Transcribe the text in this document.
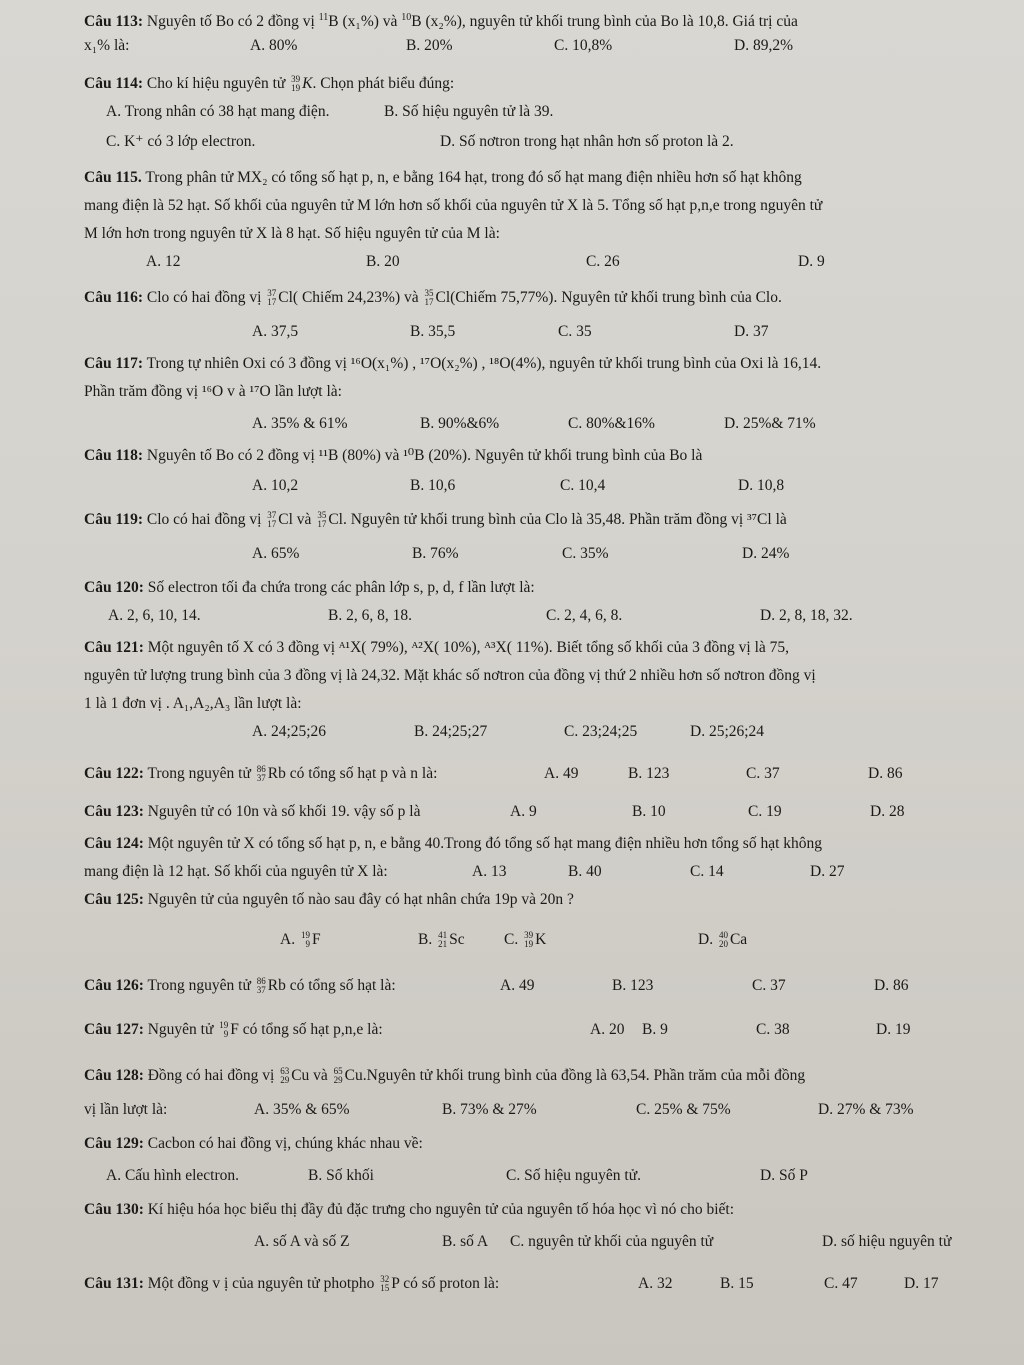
Câu 113: Nguyên tố Bo có 2 đồng vị $^{11}$B (x₁%) và $^{10}$B (x₂%), nguyên tử khối trung bình của Bo là 10,8. Giá trị của
x₁% là:	A. 80%	B. 20%	C. 10,8%	D. 89,2%
Câu 114: Cho kí hiệu nguyên tử 39
19 K. Chọn phát biểu đúng:
A. Trong nhân có 38 hạt mang điện.	B. Số hiệu nguyên tử là 39.
C. K⁺ có 3 lớp electron.	D. Số nơtron trong hạt nhân hơn số proton là 2.
Câu 115. Trong phân tử MX₂ có tổng số hạt p, n, e bằng 164 hạt, trong đó số hạt mang điện nhiều hơn số hạt không
mang điện là 52 hạt. Số khối của nguyên tử M lớn hơn số khối của nguyên tử X là 5. Tổng số hạt p,n,e trong nguyên tử
M lớn hơn trong nguyên tử X là 8 hạt. Số hiệu nguyên tử của M là:
A. 12	B. 20	C. 26	D. 9
Câu 116: Clo có hai đồng vị 37
17 Cl( Chiếm 24,23%) và 35
17 Cl(Chiếm 75,77%). Nguyên tử khối trung bình của Clo.
A. 37,5	B. 35,5	C. 35	D. 37
Câu 117: Trong tự nhiên Oxi có 3 đồng vị ¹⁶O(x₁%) , ¹⁷O(x₂%) , ¹⁸O(4%), nguyên tử khối trung bình của Oxi là 16,14.
Phần trăm đồng vị ¹⁶O v à ¹⁷O lần lượt là:
A. 35% & 61%	B. 90%&6%	C. 80%&16%	D. 25%& 71%
Câu 118: Nguyên tố Bo có 2 đồng vị ¹¹B (80%) và ¹⁰B (20%). Nguyên tử khối trung bình của Bo là
A. 10,2	B. 10,6	C. 10,4	D. 10,8
Câu 119: Clo có hai đồng vị 37
17 Cl và 35
17 Cl. Nguyên tử khối trung bình của Clo là 35,48. Phần trăm đồng vị ³⁷Cl là
A. 65%	B. 76%	C. 35%	D. 24%
Câu 120: Số electron tối đa chứa trong các phân lớp s, p, d, f lần lượt là:
A. 2, 6, 10, 14.	B. 2, 6, 8, 18.	C. 2, 4, 6, 8.	D. 2, 8, 18, 32.
Câu 121: Một nguyên tố X có 3 đồng vị ᴬ¹X( 79%), ᴬ²X( 10%), ᴬ³X( 11%). Biết tổng số khối của 3 đồng vị là 75,
nguyên tử lượng trung bình của 3 đồng vị là 24,32. Mặt khác số nơtron của đồng vị thứ 2 nhiều hơn số nơtron đồng vị
1 là 1 đơn vị . A₁,A₂,A₃ lần lượt là:
A. 24;25;26	B. 24;25;27	C. 23;24;25	D. 25;26;24
Câu 122: Trong nguyên tử 86
37 Rb có tổng số hạt p và n là:	A. 49	B. 123	C. 37	D. 86
Câu 123: Nguyên tử có 10n và số khối 19. vậy số p là	A. 9	B. 10	C. 19	D. 28
Câu 124: Một nguyên tử X có tổng số hạt p, n, e bằng 40.Trong đó tổng số hạt mang điện nhiều hơn tổng số hạt không
mang điện là 12 hạt. Số khối của nguyên tử X là:	A. 13	B. 40	C. 14	D. 27
Câu 125: Nguyên tử của nguyên tố nào sau đây có hạt nhân chứa 19p và 20n ?
A. 19
9 F	B. 41
21 Sc	C. 39
19 K	D. 40
20 Ca
Câu 126: Trong nguyên tử 86
37 Rb có tổng số hạt là:	A. 49	B. 123	C. 37	D. 86
Câu 127: Nguyên tử 19
9 F có tổng số hạt p,n,e là:	A. 20 B. 9	C. 38	D. 19
Câu 128: Đồng có hai đồng vị 63
29 Cu và 65
29 Cu.Nguyên tử khối trung bình của đồng là 63,54. Phần trăm của mỗi đồng
vị lần lượt là:	A. 35% & 65%	B. 73% & 27%	C. 25% & 75%	D. 27% & 73%
Câu 129: Cacbon có hai đồng vị, chúng khác nhau về:
A. Cấu hình electron.	B. Số khối	C. Số hiệu nguyên tử.	D. Số P
Câu 130: Kí hiệu hóa học biểu thị đầy đủ đặc trưng cho nguyên tử của nguyên tố hóa học vì nó cho biết:
A. số A và số Z	B. số A C. nguyên tử khối của nguyên tử	D. số hiệu nguyên tử
Câu 131: Một đồng v ị của nguyên tử photpho 32
15 P có số proton là:	A. 32	B. 15	C. 47	D. 17
